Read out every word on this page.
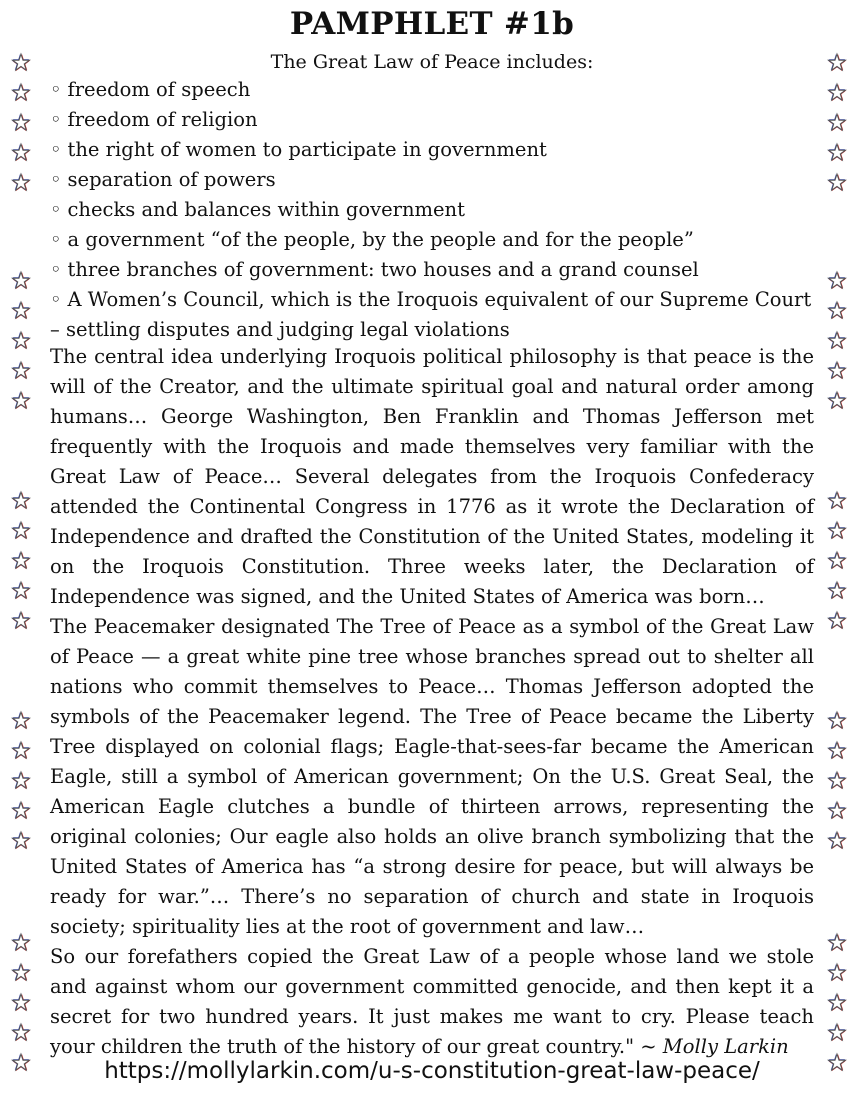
PAMPHLET #1b
The Great Law of Peace includes:
◦ freedom of speech
◦ freedom of religion
◦ the right of women to participate in government
◦ separation of powers
◦ checks and balances within government
◦ a government “of the people, by the people and for the people”
◦ three branches of government: two houses and a grand counsel
◦ A Women’s Council, which is the Iroquois equivalent of our Supreme Court
– settling disputes and judging legal violations

The central idea underlying Iroquois political philosophy is that peace is the will of the Creator, and the ultimate spiritual goal and natural order among humans… George Washington, Ben Franklin and Thomas Jefferson met frequently with the Iroquois and made themselves very familiar with the Great Law of Peace… Several delegates from the Iroquois Confederacy attended the Continental Congress in 1776 as it wrote the Declaration of Independence and drafted the Constitution of the United States, modeling it on the Iroquois Constitution. Three weeks later, the Declaration of Independence was signed, and the United States of America was born…

The Peacemaker designated The Tree of Peace as a symbol of the Great Law of Peace — a great white pine tree whose branches spread out to shelter all nations who commit themselves to Peace… Thomas Jefferson adopted the symbols of the Peacemaker legend. The Tree of Peace became the Liberty Tree displayed on colonial flags; Eagle-that-sees-far became the American Eagle, still a symbol of American government; On the U.S. Great Seal, the American Eagle clutches a bundle of thirteen arrows, representing the original colonies; Our eagle also holds an olive branch symbolizing that the United States of America has “a strong desire for peace, but will always be ready for war.”… There’s no separation of church and state in Iroquois society; spirituality lies at the root of government and law…

So our forefathers copied the Great Law of a people whose land we stole and against whom our government committed genocide, and then kept it a secret for two hundred years. It just makes me want to cry. Please teach your children the truth of the history of our great country." ~ Molly Larkin

https://mollylarkin.com/u-s-constitution-great-law-peace/
★
★
★
★
★
★
★
★
★
★
★
★
★
★
★
★
★
★
★
★
★
★
★
★
★
★
★
★
★
★
★
★
★
★
★
★
★
★
★
★
★
★
★
★
★
★
★
★
★
★
